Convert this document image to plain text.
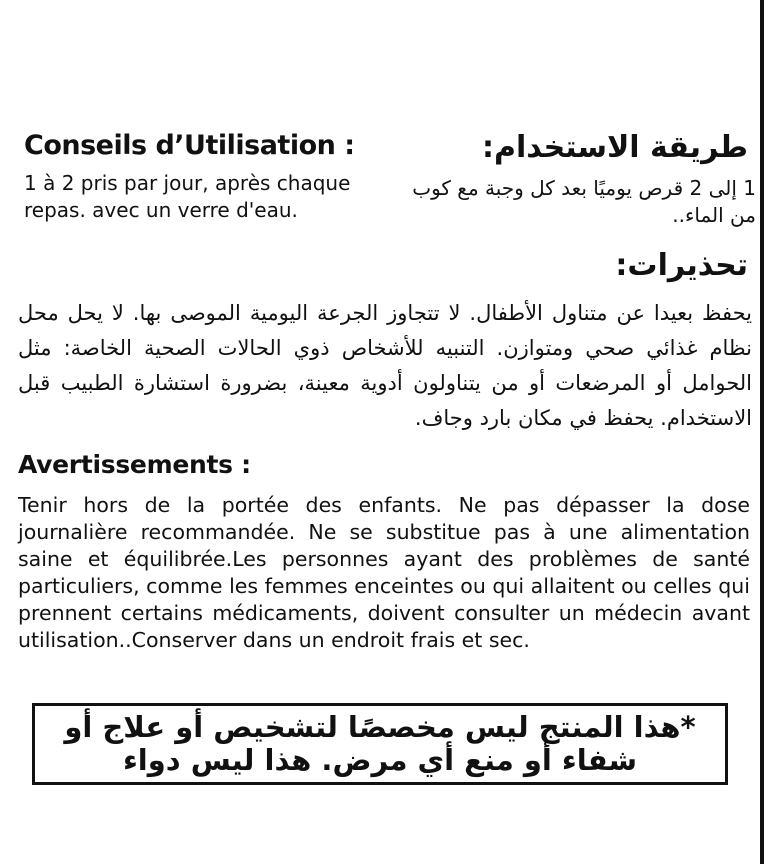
Conseils d’Utilisation :
1 à 2 pris par jour, après chaque repas. avec un verre d'eau.
طريقة الاستخدام:
1 إلى 2 قرص يوميًا بعد كل وجبة مع كوب من الماء..
تحذيرات:
يحفظ بعيدا عن متناول الأطفال. لا تتجاوز الجرعة اليومية الموصى بها. لا يحل محل نظام غذائي صحي ومتوازن. التنبيه للأشخاص ذوي الحالات الصحية الخاصة: مثل الحوامل أو المرضعات أو من يتناولون أدوية معينة، بضرورة استشارة الطبيب قبل الاستخدام. يحفظ في مكان بارد وجاف.
Avertissements :
Tenir hors de la portée des enfants. Ne pas dépasser la dose journalière recommandée. Ne se substitue pas à une alimentation saine et équilibrée.Les personnes ayant des problèmes de santé particuliers, comme les femmes enceintes ou qui allaitent ou celles qui prennent certains médicaments, doivent consulter un médecin avant utilisation..Conserver dans un endroit frais et sec.
*هذا المنتج ليس مخصصًا لتشخيص أو علاج أو شفاء أو منع أي مرض. هذا ليس دواء
